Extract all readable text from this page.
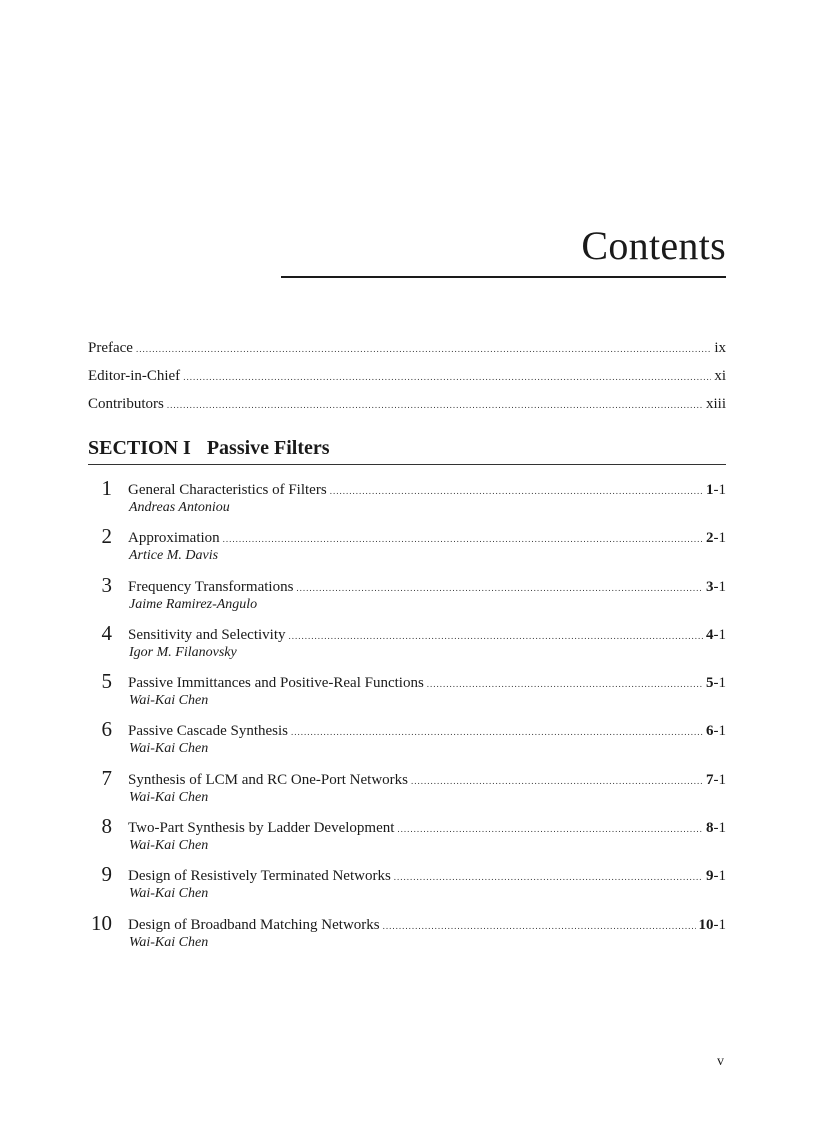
Contents
Preface .....	ix
Editor-in-Chief .....	xi
Contributors .....	xiii
SECTION I Passive Filters
1 General Characteristics of Filters .....	1-1
Andreas Antoniou
2 Approximation .....	2-1
Artice M. Davis
3 Frequency Transformations .....	3-1
Jaime Ramirez-Angulo
4 Sensitivity and Selectivity .....	4-1
Igor M. Filanovsky
5 Passive Immittances and Positive-Real Functions .....	5-1
Wai-Kai Chen
6 Passive Cascade Synthesis .....	6-1
Wai-Kai Chen
7 Synthesis of LCM and RC One-Port Networks .....	7-1
Wai-Kai Chen
8 Two-Part Synthesis by Ladder Development .....	8-1
Wai-Kai Chen
9 Design of Resistively Terminated Networks .....	9-1
Wai-Kai Chen
10 Design of Broadband Matching Networks .....	10-1
Wai-Kai Chen
v
